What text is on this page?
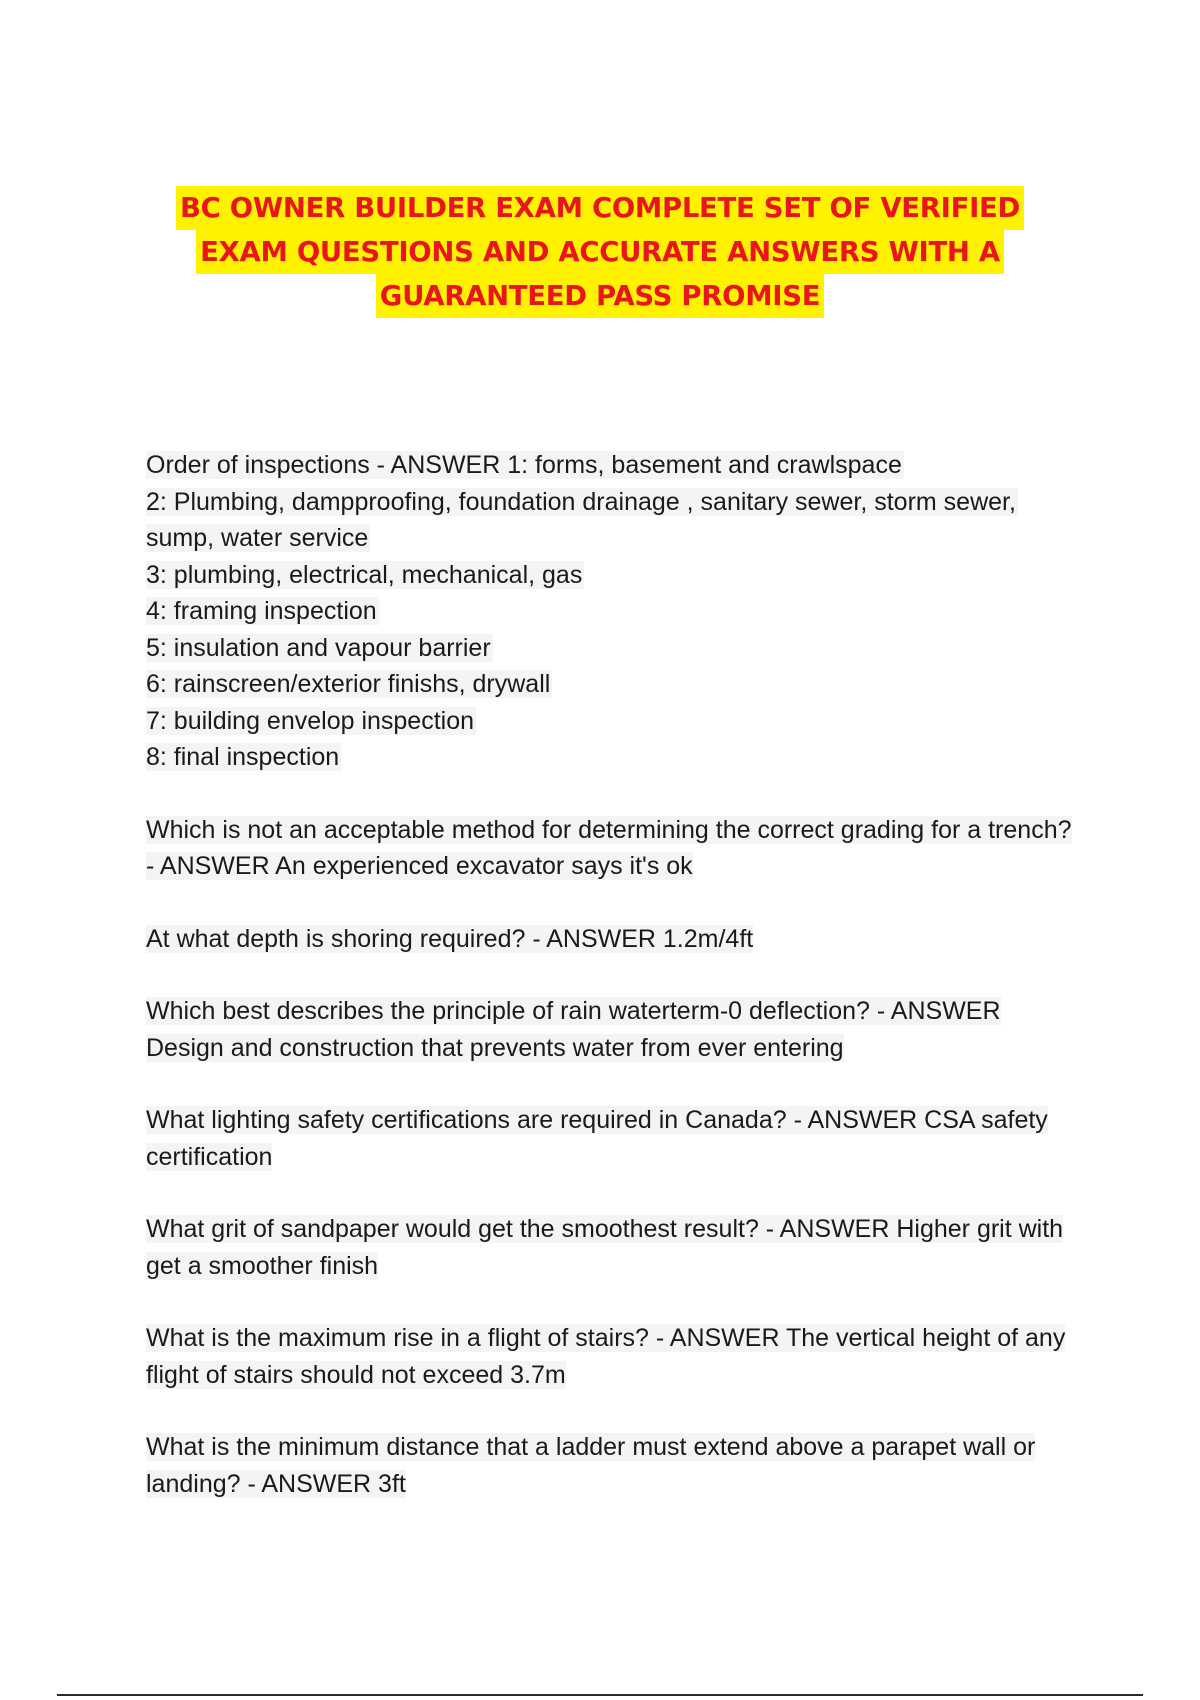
BC OWNER BUILDER EXAM COMPLETE SET OF VERIFIED
EXAM QUESTIONS AND ACCURATE ANSWERS WITH A
GUARANTEED PASS PROMISE
Order of inspections - ANSWER 1: forms, basement and crawlspace
2: Plumbing, dampproofing, foundation drainage , sanitary sewer, storm sewer, sump, water service
3: plumbing, electrical, mechanical, gas
4: framing inspection
5: insulation and vapour barrier
6: rainscreen/exterior finishs, drywall
7: building envelop inspection
8: final inspection
Which is not an acceptable method for determining the correct grading for a trench? - ANSWER An experienced excavator says it's ok
At what depth is shoring required? - ANSWER 1.2m/4ft
Which best describes the principle of rain waterterm-0 deflection? - ANSWER Design and construction that prevents water from ever entering
What lighting safety certifications are required in Canada? - ANSWER CSA safety certification
What grit of sandpaper would get the smoothest result? - ANSWER Higher grit with get a smoother finish
What is the maximum rise in a flight of stairs? - ANSWER The vertical height of any flight of stairs should not exceed 3.7m
What is the minimum distance that a ladder must extend above a parapet wall or landing? - ANSWER 3ft
